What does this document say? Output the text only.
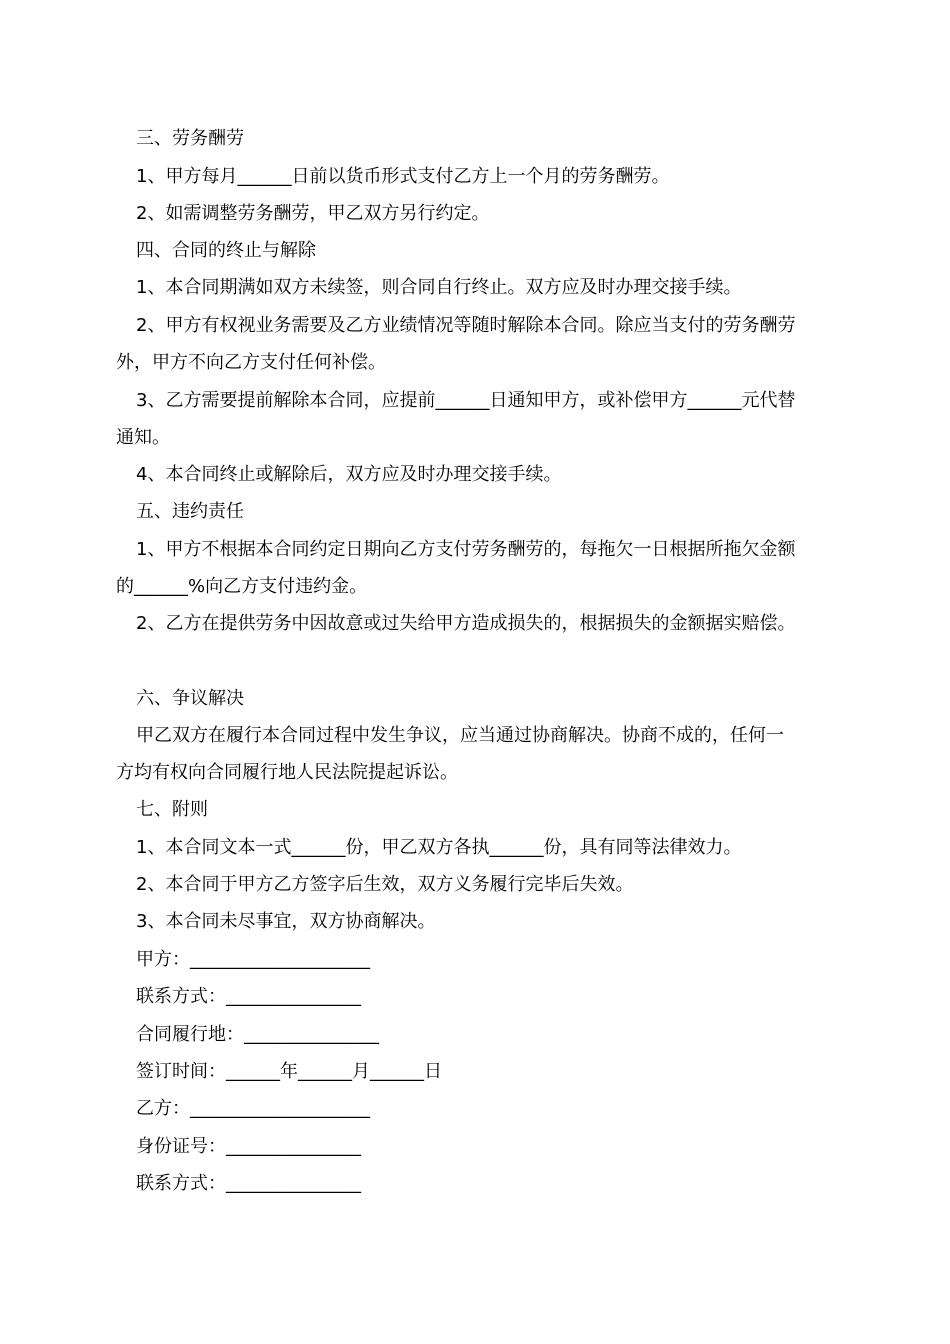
三、劳务酬劳
1、甲方每月______日前以货币形式支付乙方上一个月的劳务酬劳。
2、如需调整劳务酬劳，甲乙双方另行约定。
四、合同的终止与解除
1、本合同期满如双方未续签，则合同自行终止。双方应及时办理交接手续。
2、甲方有权视业务需要及乙方业绩情况等随时解除本合同。除应当支付的劳务酬劳
外，甲方不向乙方支付任何补偿。
3、乙方需要提前解除本合同，应提前______日通知甲方，或补偿甲方______元代替
通知。
4、本合同终止或解除后，双方应及时办理交接手续。
五、违约责任
1、甲方不根据本合同约定日期向乙方支付劳务酬劳的，每拖欠一日根据所拖欠金额
的______%向乙方支付违约金。
2、乙方在提供劳务中因故意或过失给甲方造成损失的，根据损失的金额据实赔偿。
六、争议解决
甲乙双方在履行本合同过程中发生争议，应当通过协商解决。协商不成的，任何一
方均有权向合同履行地人民法院提起诉讼。
七、附则
1、本合同文本一式______份，甲乙双方各执______份，具有同等法律效力。
2、本合同于甲方乙方签字后生效，双方义务履行完毕后失效。
3、本合同未尽事宜，双方协商解决。
甲方：____________________
联系方式：_______________
合同履行地：_______________
签订时间：______年______月______日
乙方：____________________
身份证号：_______________
联系方式：_______________
